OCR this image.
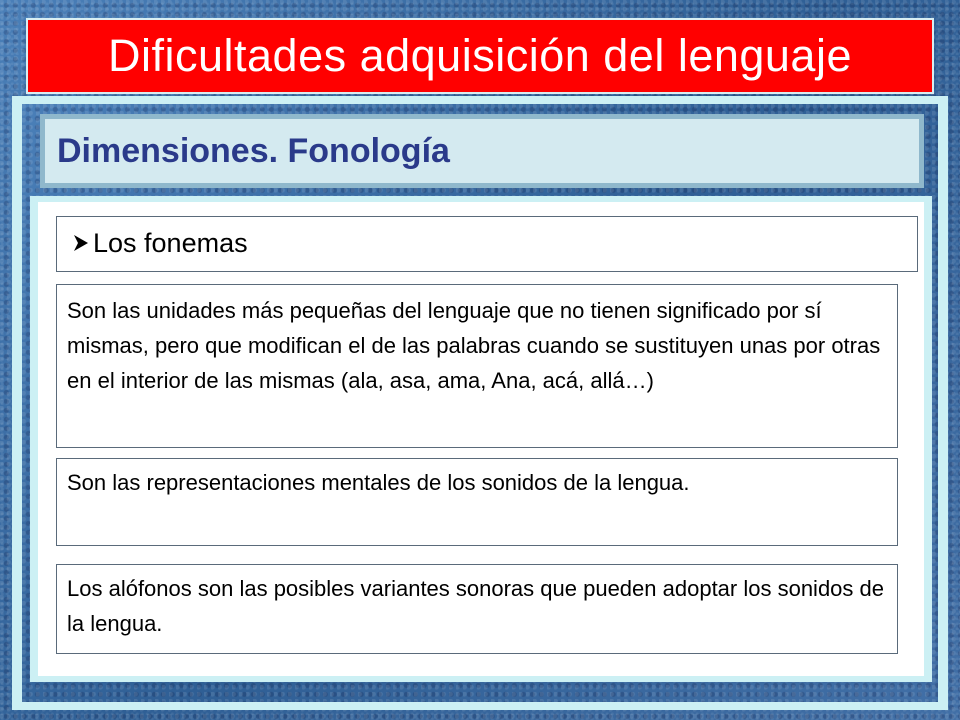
Dificultades adquisición del lenguaje
Dimensiones. Fonología
Los fonemas
Son las unidades más pequeñas del lenguaje que no tienen significado por sí mismas, pero que modifican el de las palabras cuando se sustituyen unas por otras en el interior de las mismas (ala, asa, ama, Ana, acá, allá…)
Son las representaciones mentales de los sonidos de la lengua.
Los alófonos son las posibles variantes sonoras que pueden adoptar los sonidos de la lengua.
